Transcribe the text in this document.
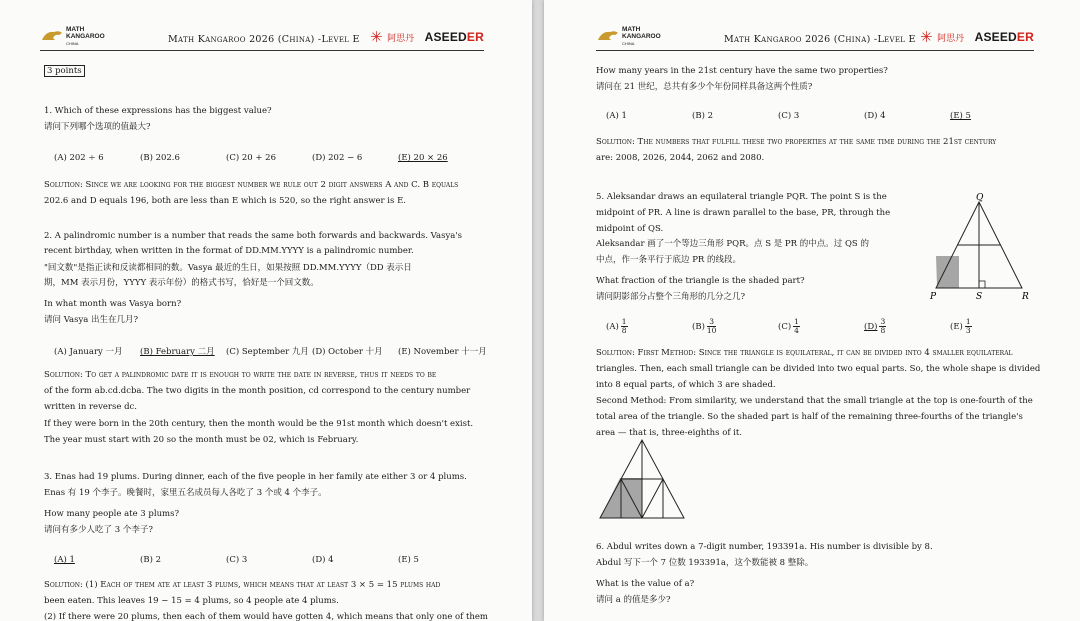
MATH
KANGAROO
CHINA	Math Kangaroo 2026 (China) -Level E ✳ 阿思丹 ASEEDER
3 points
1. Which of these expressions has the biggest value?
请问下列哪个选项的值最大?
(A) 202 ÷ 6	(B) 202.6	(C) 20 + 26	(D) 202 − 6	(E) 20 × 26
Solution: Since we are looking for the biggest number we rule out 2 digit answers A and C. B equals
202.6 and D equals 196, both are less than E which is 520, so the right answer is E.
2. A palindromic number is a number that reads the same both forwards and backwards. Vasya's
recent birthday, when written in the format of DD.MM.YYYY is a palindromic number.
"回文数"是指正读和反读都相同的数。Vasya 最近的生日，如果按照 DD.MM.YYYY（DD 表示日
期，MM 表示月份，YYYY 表示年份）的格式书写，恰好是一个回文数。
In what month was Vasya born?
请问 Vasya 出生在几月?
(A) January 一月 (B) February 二月 (C) September 九月 (D) October 十月 (E) November 十一月
Solution: To get a palindromic date it is enough to write the date in reverse, thus it needs to be
of the form ab.cd.dcba. The two digits in the month position, cd correspond to the century number
written in reverse dc.
If they were born in the 20th century, then the month would be the 91st month which doesn't exist.
The year must start with 20 so the month must be 02, which is February.
3. Enas had 19 plums. During dinner, each of the five people in her family ate either 3 or 4 plums.
Enas 有 19 个李子。晚餐时，家里五名成员每人各吃了 3 个或 4 个李子。
How many people ate 3 plums?
请问有多少人吃了 3 个李子?
(A) 1	(B) 2	(C) 3	(D) 4	(E) 5
Solution: (1) Each of them ate at least 3 plums, which means that at least 3 × 5 = 15 plums had
been eaten. This leaves 19 − 15 = 4 plums, so 4 people ate 4 plums.
(2) If there were 20 plums, then each of them would have gotten 4, which means that only one of them
MATH
KANGAROO
CHINA	Math Kangaroo 2026 (China) -Level E ✳ 阿思丹 ASEEDER
How many years in the 21st century have the same two properties?
请问在 21 世纪，总共有多少个年份同样具备这两个性质?
(A) 1	(B) 2	(C) 3	(D) 4	(E) 5
Solution: The numbers that fulfill these two properties at the same time during the 21st century
are: 2008, 2026, 2044, 2062 and 2080.
5. Aleksandar draws an equilateral triangle PQR. The point S is the
midpoint of PR. A line is drawn parallel to the base, PR, through the
midpoint of QS.
Aleksandar 画了一个等边三角形 PQR。点 S 是 PR 的中点。过 QS 的
中点，作一条平行于底边 PR 的线段。
What fraction of the triangle is the shaded part?
请问阴影部分占整个三角形的几分之几?
Q
P	S	R
$(A) \frac{1}{8}$	$(B) \frac{3}{10}$	$(C) \frac{1}{4}$	$(D) \frac{3}{8}$	$(E) \frac{1}{3}$
Solution: First Method: Since the triangle is equilateral, it can be divided into 4 smaller equilateral
triangles. Then, each small triangle can be divided into two equal parts. So, the whole shape is divided
into 8 equal parts, of which 3 are shaded.
Second Method: From similarity, we understand that the small triangle at the top is one-fourth of the
total area of the triangle. So the shaded part is half of the remaining three-fourths of the triangle's
area — that is, three-eighths of it.
6. Abdul writes down a 7-digit number, 193391a. His number is divisible by 8.
Abdul 写下一个 7 位数 193391a，这个数能被 8 整除。
What is the value of a?
请问 a 的值是多少?
